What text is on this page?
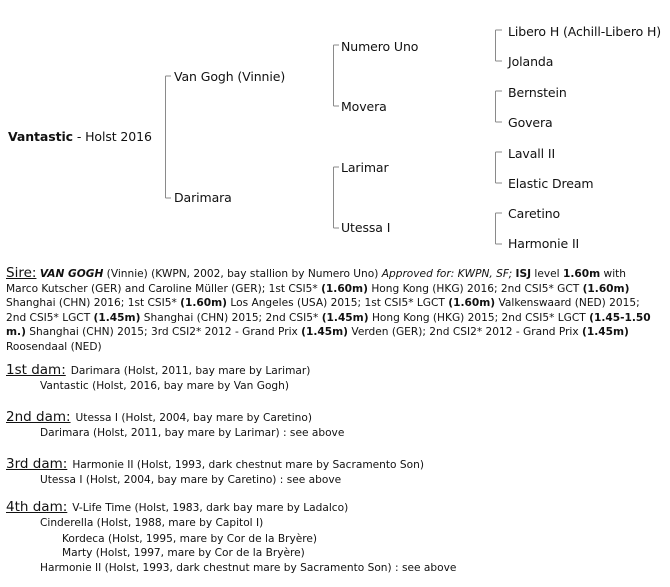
Vantastic - Holst 2016
Van Gogh (Vinnie)
Darimara
Numero Uno
Movera
Larimar
Utessa I
Libero H (Achill-Libero H)
Jolanda
Bernstein
Govera
Lavall II
Elastic Dream
Caretino
Harmonie II
Sire: VAN GOGH (Vinnie) (KWPN, 2002, bay stallion by Numero Uno) Approved for: KWPN, SF; ISJ level 1.60m with Marco Kutscher (GER) and Caroline Müller (GER); 1st CSI5* (1.60m) Hong Kong (HKG) 2016; 2nd CSI5* GCT (1.60m) Shanghai (CHN) 2016; 1st CSI5* (1.60m) Los Angeles (USA) 2015; 1st CSI5* LGCT (1.60m) Valkenswaard (NED) 2015; 2nd CSI5* LGCT (1.45m) Shanghai (CHN) 2015; 2nd CSI5* (1.45m) Hong Kong (HKG) 2015; 2nd CSI5* LGCT (1.45-1.50 m.) Shanghai (CHN) 2015; 3rd CSI2* 2012 - Grand Prix (1.45m) Verden (GER); 2nd CSI2* 2012 - Grand Prix (1.45m) Roosendaal (NED)
1st dam: Darimara (Holst, 2011, bay mare by Larimar)
Vantastic (Holst, 2016, bay mare by Van Gogh)
2nd dam: Utessa I (Holst, 2004, bay mare by Caretino)
Darimara (Holst, 2011, bay mare by Larimar) : see above
3rd dam: Harmonie II (Holst, 1993, dark chestnut mare by Sacramento Son)
Utessa I (Holst, 2004, bay mare by Caretino) : see above
4th dam: V-Life Time (Holst, 1983, dark bay mare by Ladalco)
Cinderella (Holst, 1988, mare by Capitol I)
Kordeca (Holst, 1995, mare by Cor de la Bryère)
Marty (Holst, 1997, mare by Cor de la Bryère)
Harmonie II (Holst, 1993, dark chestnut mare by Sacramento Son) : see above
